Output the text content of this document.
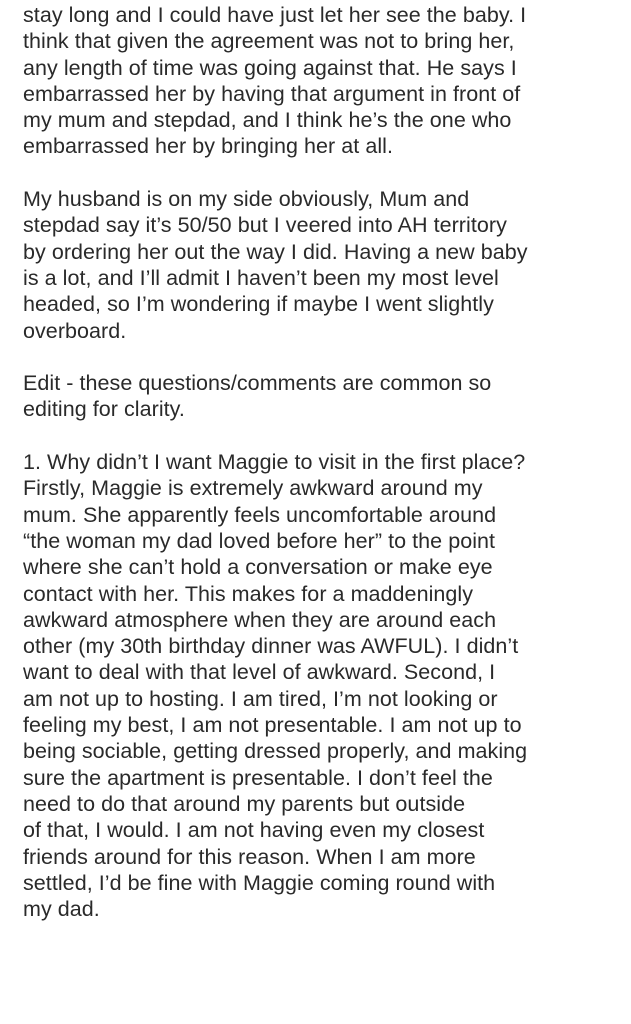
stay long and I could have just let her see the baby. I
think that given the agreement was not to bring her,
any length of time was going against that. He says I
embarrassed her by having that argument in front of
my mum and stepdad, and I think he’s the one who
embarrassed her by bringing her at all.

My husband is on my side obviously, Mum and
stepdad say it’s 50/50 but I veered into AH territory
by ordering her out the way I did. Having a new baby
is a lot, and I’ll admit I haven’t been my most level
headed, so I’m wondering if maybe I went slightly
overboard.

Edit - these questions/comments are common so
editing for clarity.

1. Why didn’t I want Maggie to visit in the first place?
Firstly, Maggie is extremely awkward around my
mum. She apparently feels uncomfortable around
“the woman my dad loved before her” to the point
where she can’t hold a conversation or make eye
contact with her. This makes for a maddeningly
awkward atmosphere when they are around each
other (my 30th birthday dinner was AWFUL). I didn’t
want to deal with that level of awkward. Second, I
am not up to hosting. I am tired, I’m not looking or
feeling my best, I am not presentable. I am not up to
being sociable, getting dressed properly, and making
sure the apartment is presentable. I don’t feel the
need to do that around my parents but outside
of that, I would. I am not having even my closest
friends around for this reason. When I am more
settled, I’d be fine with Maggie coming round with
my dad.
